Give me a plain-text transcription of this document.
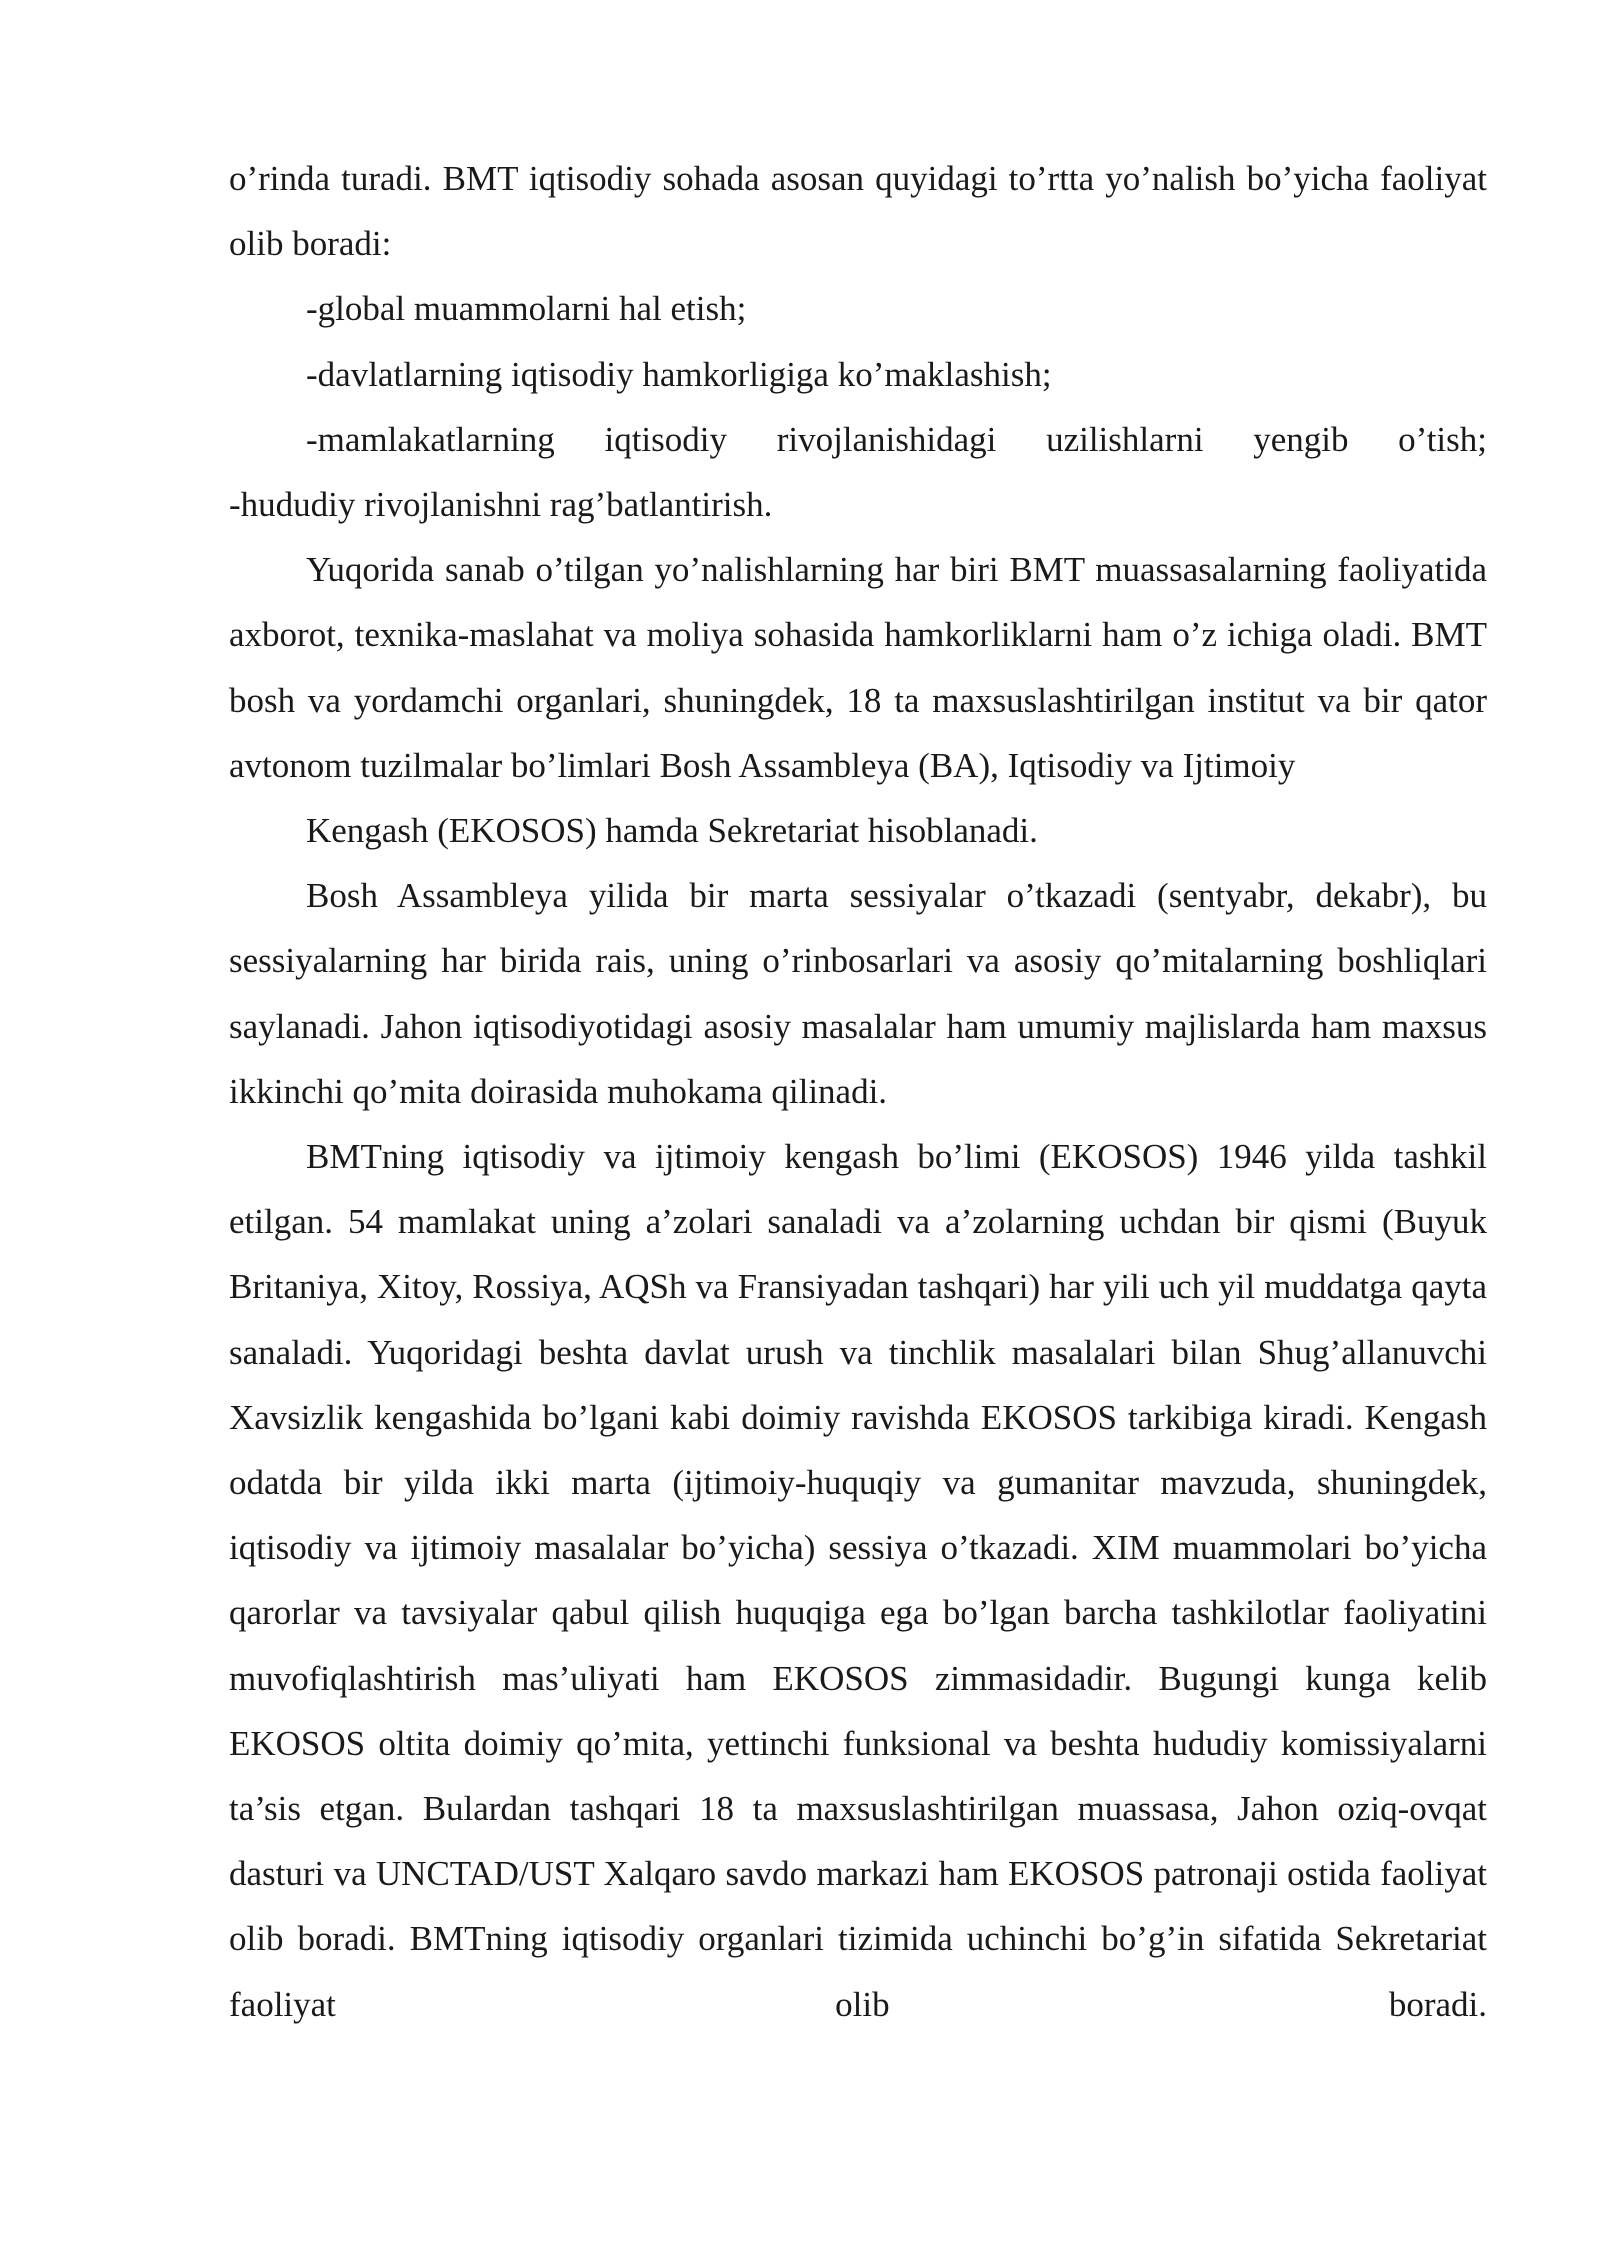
o’rinda turadi. BMT iqtisodiy sohada asosan quyidagi to’rtta yo’nalish bo’yicha faoliyat olib boradi:

-global muammolarni hal etish;

-davlatlarning iqtisodiy hamkorligiga ko’maklashish;

-mamlakatlarning iqtisodiy rivojlanishidagi uzilishlarni yengib o’tish;

-hududiy rivojlanishni rag’batlantirish.

Yuqorida sanab o’tilgan yo’nalishlarning har biri BMT muassasalarning faoliyatida axborot, texnika-maslahat va moliya sohasida hamkorliklarni ham o’z ichiga oladi. BMT bosh va yordamchi organlari, shuningdek, 18 ta maxsuslashtirilgan institut va bir qator avtonom tuzilmalar bo’limlari Bosh Assambleya (BA), Iqtisodiy va Ijtimoiy

Kengash (EKOSOS) hamda Sekretariat hisoblanadi.

Bosh Assambleya yilida bir marta sessiyalar o’tkazadi (sentyabr, dekabr), bu sessiyalarning har birida rais, uning o’rinbosarlari va asosiy qo’mitalarning boshliqlari saylanadi. Jahon iqtisodiyotidagi asosiy masalalar ham umumiy majlislarda ham maxsus ikkinchi qo’mita doirasida muhokama qilinadi.

BMTning iqtisodiy va ijtimoiy kengash bo’limi (EKOSOS) 1946 yilda tashkil etilgan. 54 mamlakat uning a’zolari sanaladi va a’zolarning uchdan bir qismi (Buyuk Britaniya, Xitoy, Rossiya, AQSh va Fransiyadan tashqari) har yili uch yil muddatga qayta sanaladi. Yuqoridagi beshta davlat urush va tinchlik masalalari bilan Shug’allanuvchi Xavsizlik kengashida bo’lgani kabi doimiy ravishda EKOSOS tarkibiga kiradi. Kengash odatda bir yilda ikki marta (ijtimoiy-huquqiy va gumanitar mavzuda, shuningdek, iqtisodiy va ijtimoiy masalalar bo’yicha) sessiya o’tkazadi. XIM muammolari bo’yicha qarorlar va tavsiyalar qabul qilish huquqiga ega bo’lgan barcha tashkilotlar faoliyatini muvofiqlashtirish mas’uliyati ham EKOSOS zimmasidadir. Bugungi kunga kelib EKOSOS oltita doimiy qo’mita, yettinchi funksional va beshta hududiy komissiyalarni ta’sis etgan. Bulardan tashqari 18 ta maxsuslashtirilgan muassasa, Jahon oziq-ovqat dasturi va UNCTAD/UST Xalqaro savdo markazi ham EKOSOS patronaji ostida faoliyat olib boradi. BMTning iqtisodiy organlari tizimida uchinchi bo’g’in sifatida Sekretariat faoliyat olib boradi.
